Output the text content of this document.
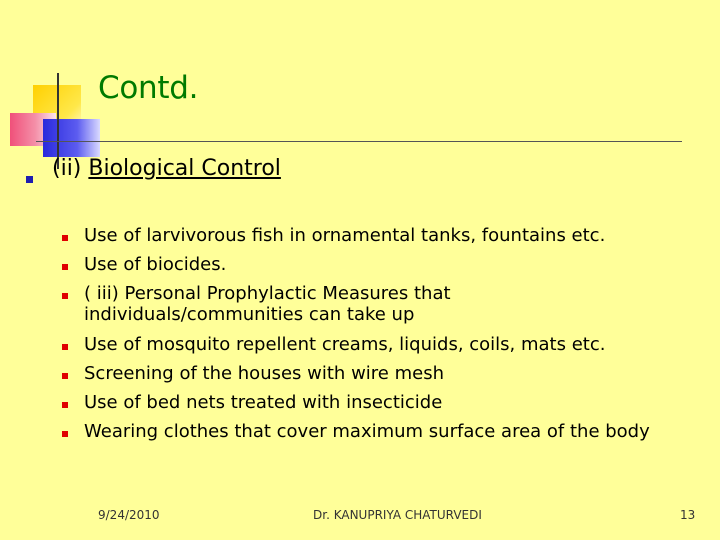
Contd.
(ii) Biological Control
Use of larvivorous fish in ornamental tanks, fountains etc.
Use of biocides.
( iii) Personal Prophylactic Measures that individuals/communities can take up
Use of mosquito repellent creams, liquids, coils, mats etc.
Screening of the houses with wire mesh
Use of bed nets treated with insecticide
Wearing clothes that cover maximum surface area of the body
9/24/2010	Dr. KANUPRIYA CHATURVEDI	13
